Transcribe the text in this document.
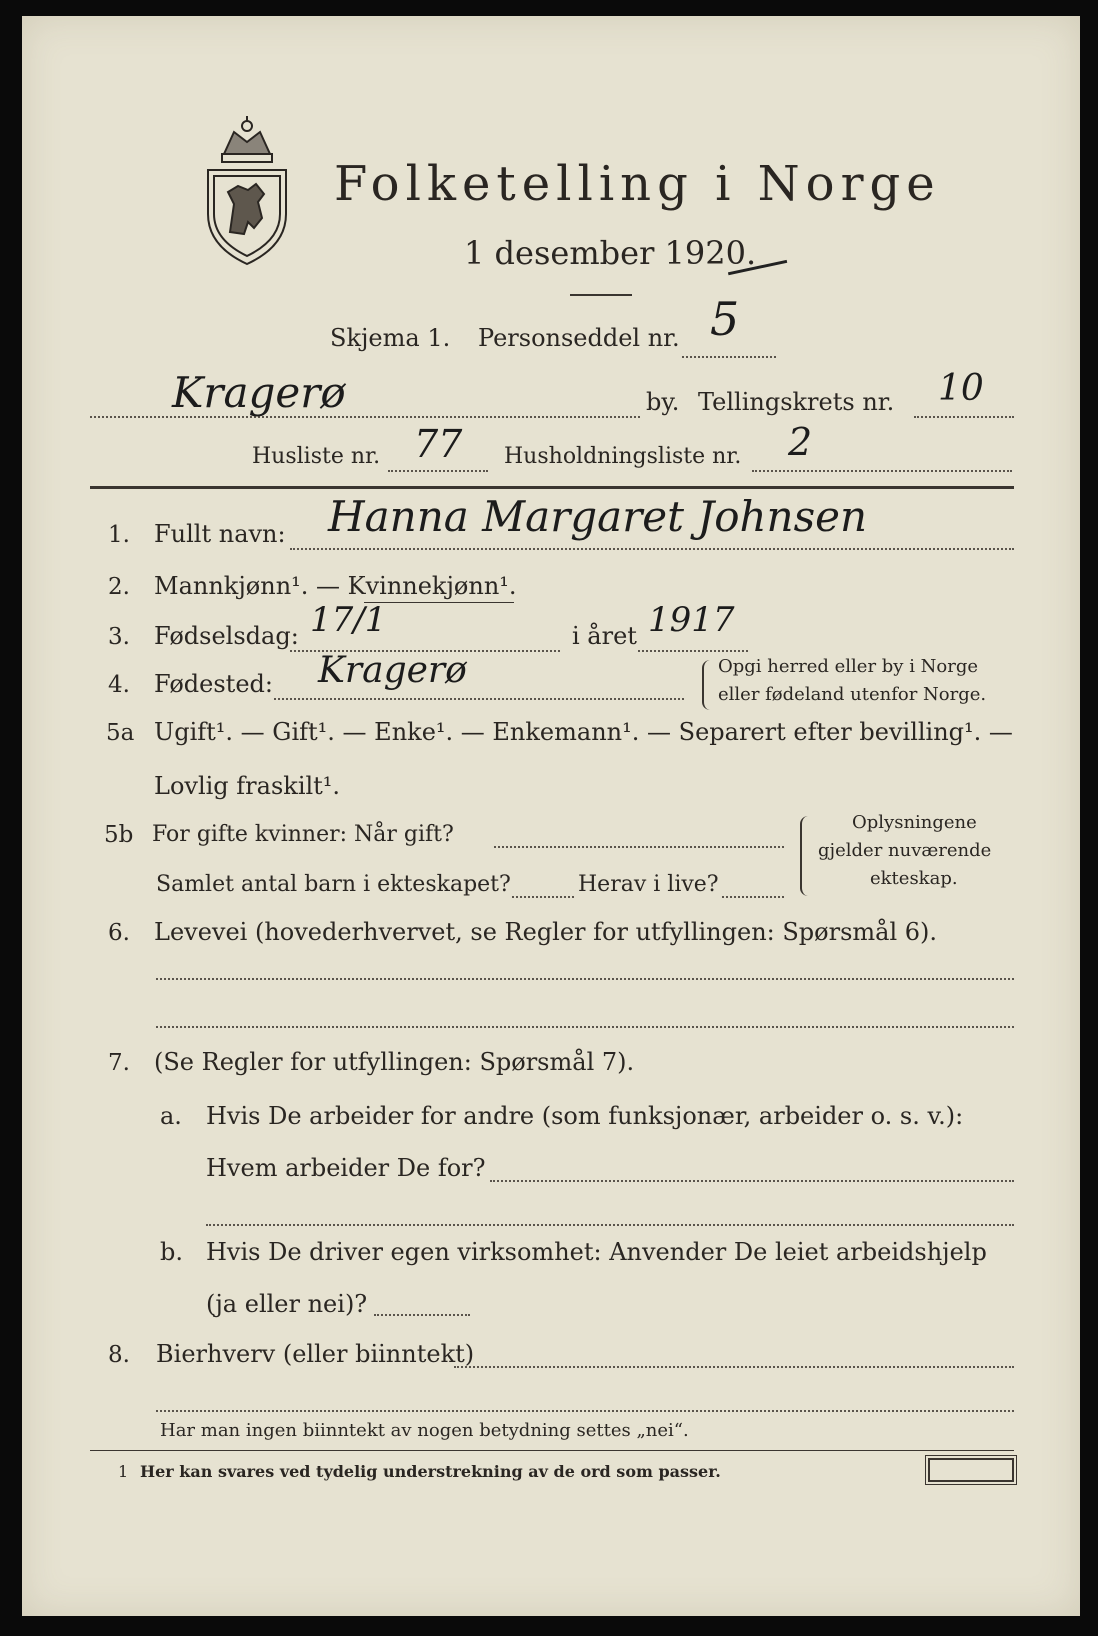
Folketelling i Norge
1 desember 1920.
Skjema 1. Personseddel nr. 5
Kragerø	by. Tellingskrets nr. 10
Husliste nr. 77 Husholdningsliste nr. 2
1. Fullt navn: Hanna Margaret Johnsen
2. Mannkjønn¹. — Kvinnekjønn¹.
3. Fødselsdag: 17/1	i året 1917
4. Fødested: Kragerø	Opgi herred eller by i Norge
eller fødeland utenfor Norge.
5a Ugift¹. — Gift¹. — Enke¹. — Enkemann¹. — Separert efter bevilling¹. —
Lovlig fraskilt¹.
5b For gifte kvinner: Når gift?
Samlet antal barn i ekteskapet?	Herav i live?
Oplysningene
gjelder nuværende
ekteskap.
6. Levevei (hovederhvervet, se Regler for utfyllingen: Spørsmål 6).
7. (Se Regler for utfyllingen: Spørsmål 7).
a. Hvis De arbeider for andre (som funksjonær, arbeider o. s. v.):
Hvem arbeider De for?
b. Hvis De driver egen virksomhet: Anvender De leiet arbeidshjelp
(ja eller nei)?
8. Bierhverv (eller biinntekt)
Har man ingen biinntekt av nogen betydning settes „nei“.
1 Her kan svares ved tydelig understrekning av de ord som passer.
